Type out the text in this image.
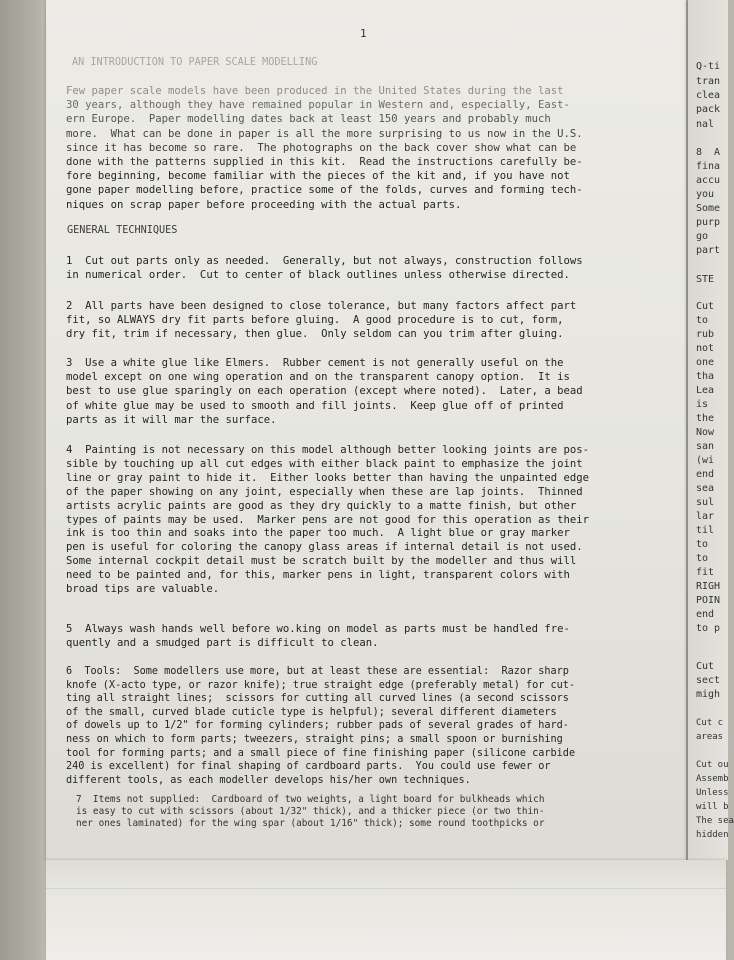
1
AN INTRODUCTION TO PAPER SCALE MODELLING
Few paper scale models have been produced in the United States during the last
30 years, although they have remained popular in Western and, especially, East-
ern Europe.  Paper modelling dates back at least 150 years and probably much
more.  What can be done in paper is all the more surprising to us now in the U.S.
since it has become so rare.  The photographs on the back cover show what can be
done with the patterns supplied in this kit.  Read the instructions carefully be-
fore beginning, become familiar with the pieces of the kit and, if you have not
gone paper modelling before, practice some of the folds, curves and forming tech-
niques on scrap paper before proceeding with the actual parts.
GENERAL TECHNIQUES
1  Cut out parts only as needed.  Generally, but not always, construction follows
in numerical order.  Cut to center of black outlines unless otherwise directed.
2  All parts have been designed to close tolerance, but many factors affect part
fit, so ALWAYS dry fit parts before gluing.  A good procedure is to cut, form,
dry fit, trim if necessary, then glue.  Only seldom can you trim after gluing.
3  Use a white glue like Elmers.  Rubber cement is not generally useful on the
model except on one wing operation and on the transparent canopy option.  It is
best to use glue sparingly on each operation (except where noted).  Later, a bead
of white glue may be used to smooth and fill joints.  Keep glue off of printed
parts as it will mar the surface.
4  Painting is not necessary on this model although better looking joints are pos-
sible by touching up all cut edges with either black paint to emphasize the joint
line or gray paint to hide it.  Either looks better than having the unpainted edge
of the paper showing on any joint, especially when these are lap joints.  Thinned
artists acrylic paints are good as they dry quickly to a matte finish, but other
types of paints may be used.  Marker pens are not good for this operation as their
ink is too thin and soaks into the paper too much.  A light blue or gray marker
pen is useful for coloring the canopy glass areas if internal detail is not used.
Some internal cockpit detail must be scratch built by the modeller and thus will
need to be painted and, for this, marker pens in light, transparent colors with
broad tips are valuable.
5  Always wash hands well before wo.king on model as parts must be handled fre-
quently and a smudged part is difficult to clean.
6  Tools:  Some modellers use more, but at least these are essential:  Razor sharp
knofe (X-acto type, or razor knife); true straight edge (preferably metal) for cut-
ting all straight lines;  scissors for cutting all curved lines (a second scissors
of the small, curved blade cuticle type is helpful); several different diameters
of dowels up to 1/2" for forming cylinders; rubber pads of several grades of hard-
ness on which to form parts; tweezers, straight pins; a small spoon or burnishing
tool for forming parts; and a small piece of fine finishing paper (silicone carbide
240 is excellent) for final shaping of cardboard parts.  You could use fewer or
different tools, as each modeller develops his/her own techniques.
7  Items not supplied:  Cardboard of two weights, a light board for bulkheads which
is easy to cut with scissors (about 1/32" thick), and a thicker piece (or two thin-
ner ones laminated) for the wing spar (about 1/16" thick); some round toothpicks or
Q-ti
tran
clea
pack
nal
8  A
fina
accu
you
Some
purp
go
part
STE
Cut
to
rub
not
one
tha
Lea
is
the
Now
san
(wi
end
sea
sul
lar
til
to
to
fit
RIGH
POIN
end
to p
Cut
sect
migh
Cut c
areas
Cut ou
Assemb
Unless
will b
The sea
hidden
